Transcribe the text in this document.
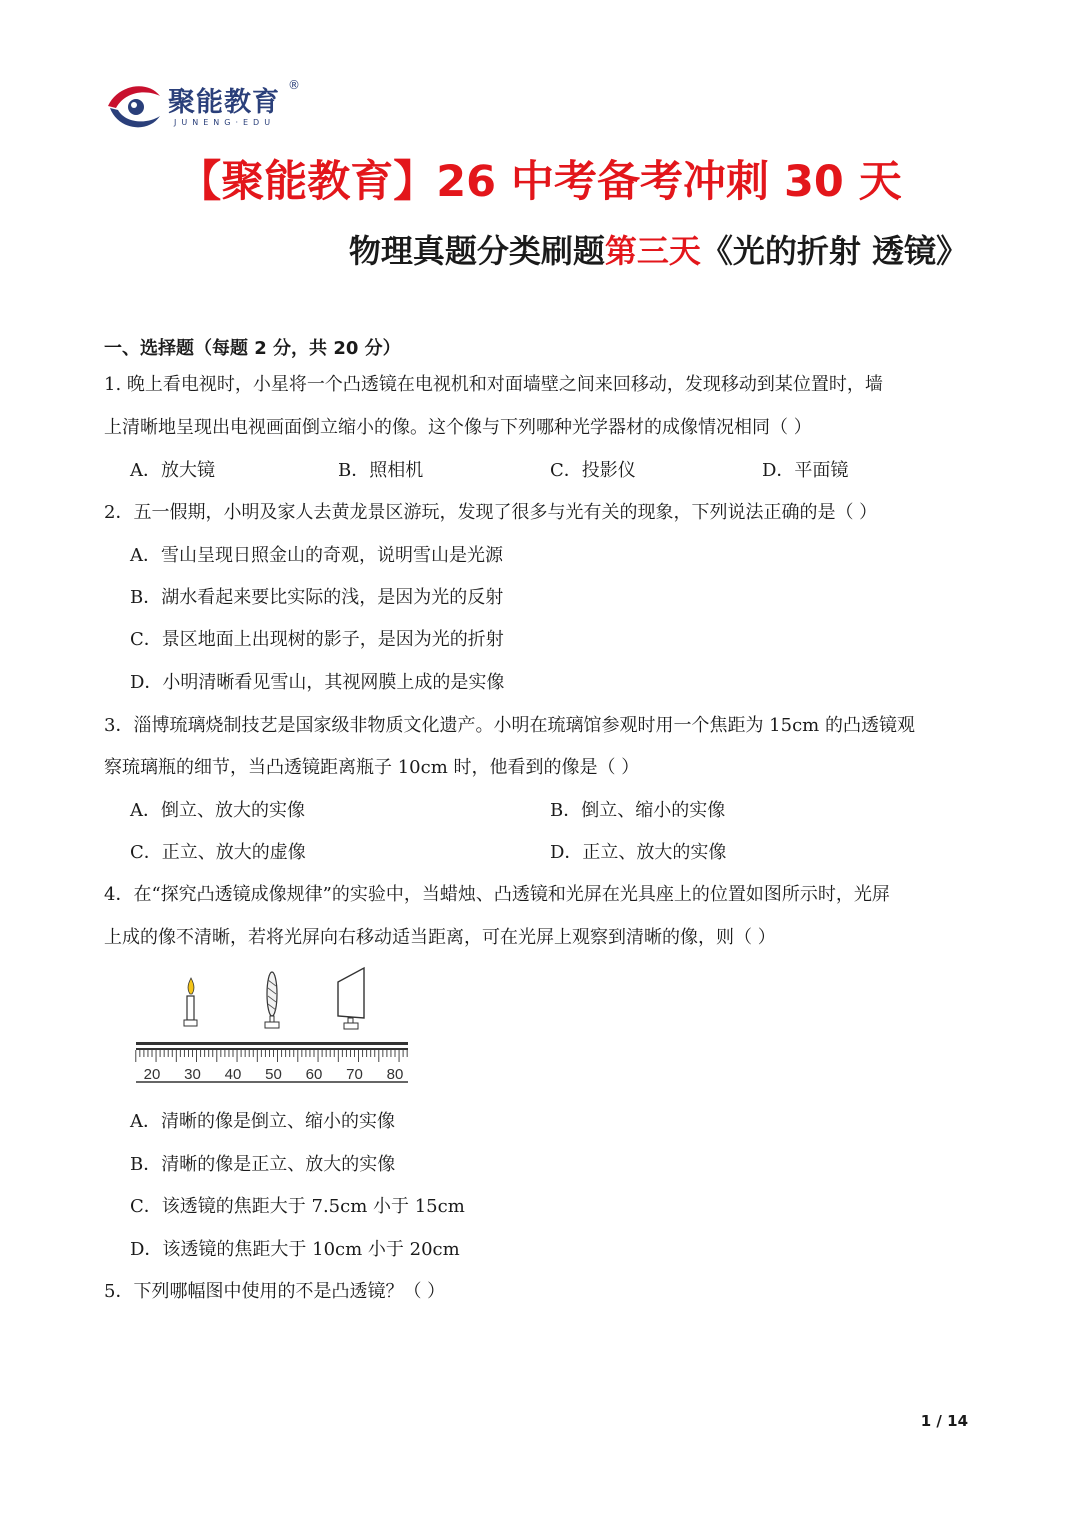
聚能教育
®
JUNENG·EDU
【聚能教育】26 中考备考冲刺 30 天
物理真题分类刷题第三天《光的折射 透镜》
一、选择题（每题 2 分，共 20 分）
1. 晚上看电视时，小星将一个凸透镜在电视机和对面墙壁之间来回移动，发现移动到某位置时，墙
上清晰地呈现出电视画面倒立缩小的像。这个像与下列哪种光学器材的成像情况相同（ ）
A．放大镜	B．照相机	C．投影仪	D．平面镜
2．五一假期，小明及家人去黄龙景区游玩，发现了很多与光有关的现象，下列说法正确的是（ ）
A．雪山呈现日照金山的奇观，说明雪山是光源
B．湖水看起来要比实际的浅，是因为光的反射
C．景区地面上出现树的影子，是因为光的折射
D．小明清晰看见雪山，其视网膜上成的是实像
3．淄博琉璃烧制技艺是国家级非物质文化遗产。小明在琉璃馆参观时用一个焦距为 15cm 的凸透镜观
察琉璃瓶的细节，当凸透镜距离瓶子 10cm 时，他看到的像是（ ）
A．倒立、放大的实像	B．倒立、缩小的实像
C．正立、放大的虚像	D．正立、放大的实像
4．在“探究凸透镜成像规律”的实验中，当蜡烛、凸透镜和光屏在光具座上的位置如图所示时，光屏
上成的像不清晰，若将光屏向右移动适当距离，可在光屏上观察到清晰的像，则（ ）
20 30 40 50 60 70 80
A．清晰的像是倒立、缩小的实像
B．清晰的像是正立、放大的实像
C．该透镜的焦距大于 7.5cm 小于 15cm
D．该透镜的焦距大于 10cm 小于 20cm
5．下列哪幅图中使用的不是凸透镜？（ ）
1 / 14
